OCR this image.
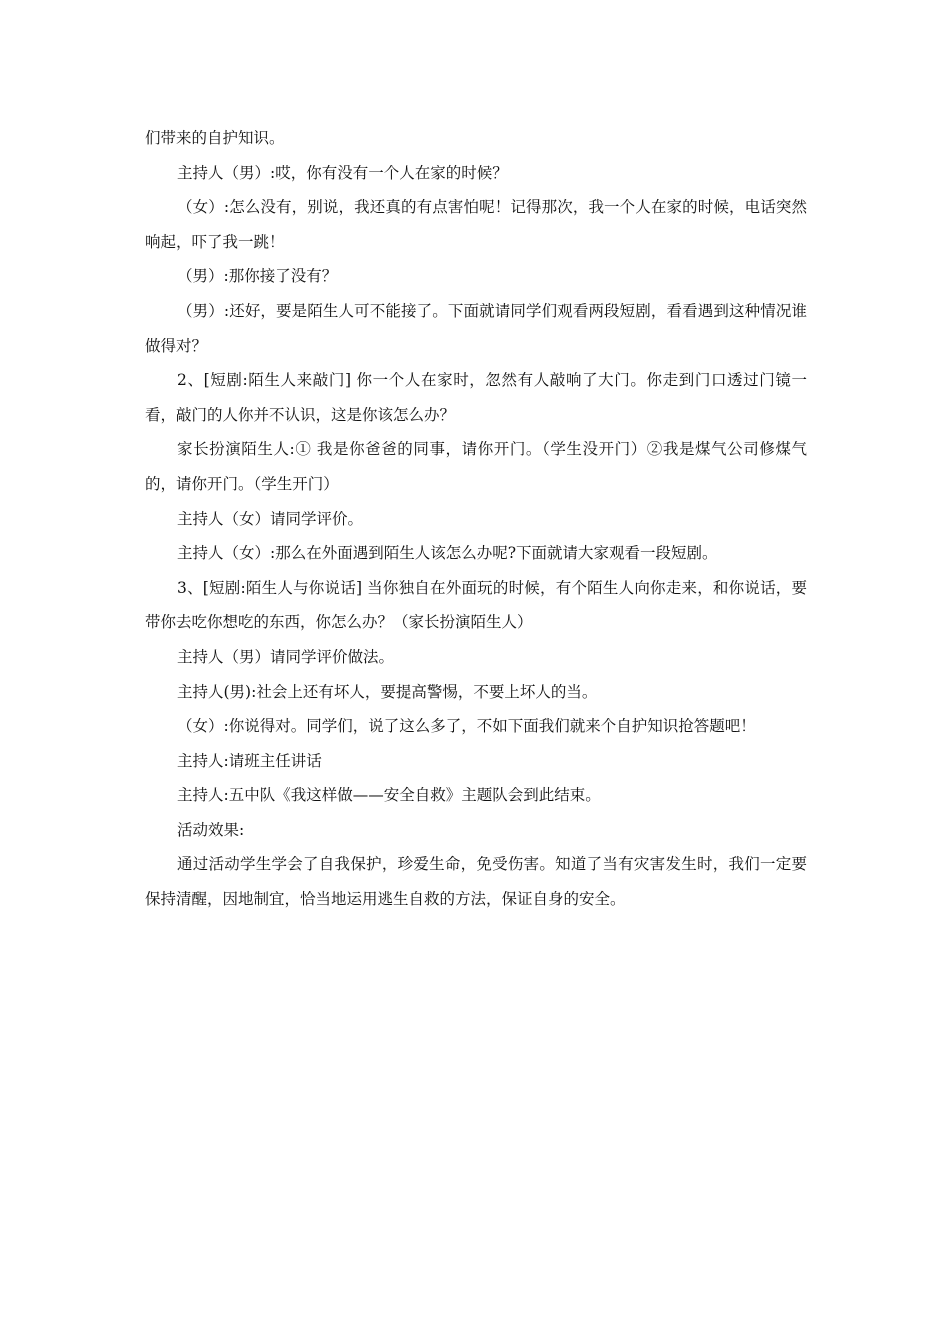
们带来的自护知识。

主持人（男）:哎，你有没有一个人在家的时候？

（女）:怎么没有，别说，我还真的有点害怕呢！记得那次，我一个人在家的时候，电话突然响起，吓了我一跳！

（男）:那你接了没有？

（男）:还好，要是陌生人可不能接了。下面就请同学们观看两段短剧，看看遇到这种情况谁做得对？

2、[短剧:陌生人来敲门] 你一个人在家时，忽然有人敲响了大门。你走到门口透过门镜一看，敲门的人你并不认识，这是你该怎么办？

家长扮演陌生人:① 我是你爸爸的同事，请你开门。（学生没开门）②我是煤气公司修煤气的，请你开门。（学生开门）

主持人（女）请同学评价。

主持人（女）:那么在外面遇到陌生人该怎么办呢?下面就请大家观看一段短剧。

3、[短剧:陌生人与你说话] 当你独自在外面玩的时候，有个陌生人向你走来，和你说话，要带你去吃你想吃的东西，你怎么办？（家长扮演陌生人）

主持人（男）请同学评价做法。

主持人(男):社会上还有坏人，要提高警惕，不要上坏人的当。

（女）:你说得对。同学们，说了这么多了，不如下面我们就来个自护知识抢答题吧！

主持人:请班主任讲话

主持人:五中队《我这样做——安全自救》主题队会到此结束。

活动效果:

通过活动学生学会了自我保护，珍爱生命，免受伤害。知道了当有灾害发生时，我们一定要保持清醒，因地制宜，恰当地运用逃生自救的方法，保证自身的安全。
